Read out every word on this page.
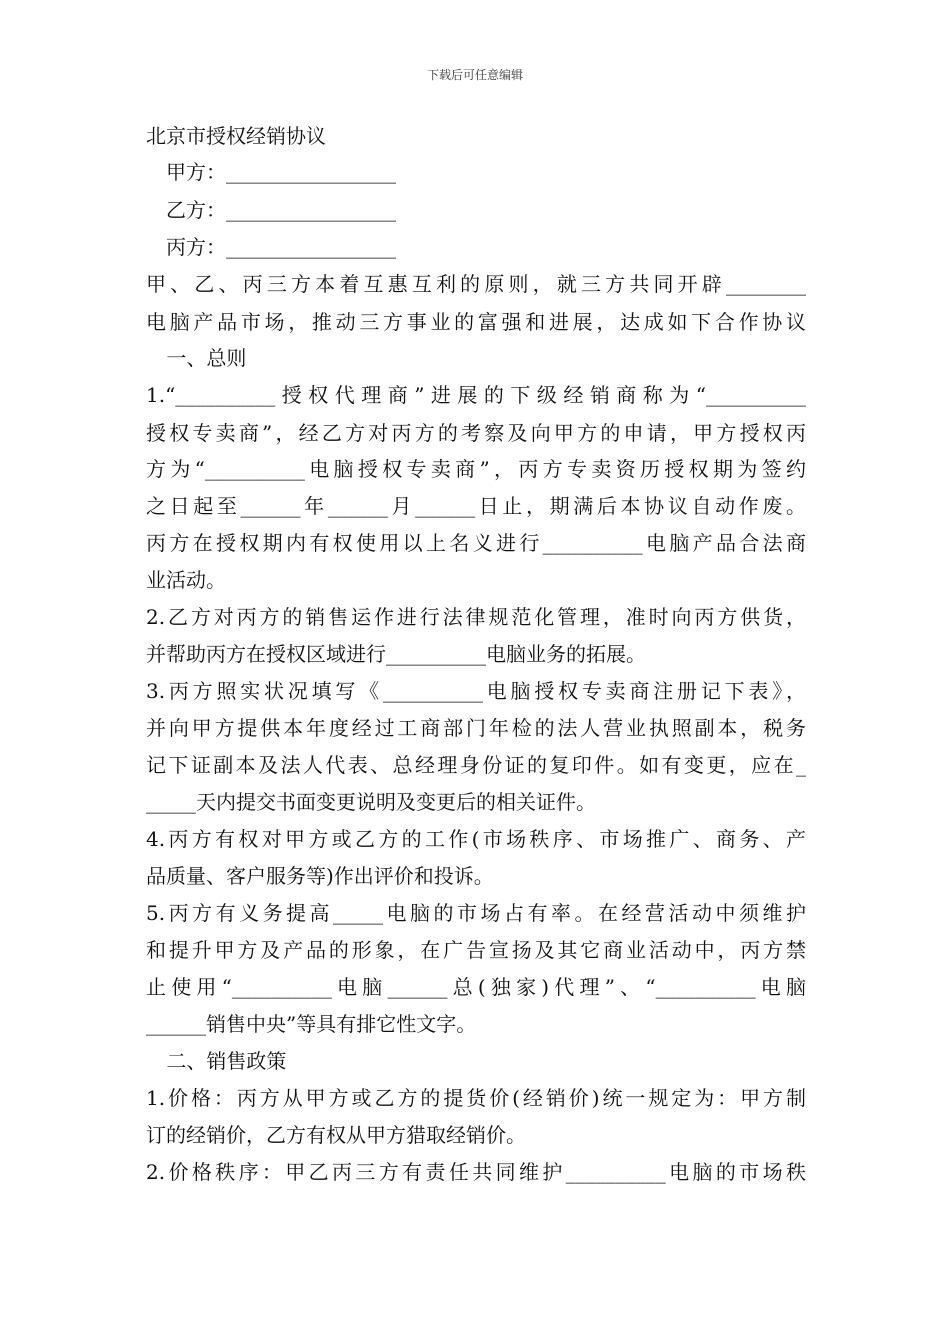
下载后可任意编辑
北京市授权经销协议
甲方：_________________
乙方：_________________
丙方：_________________
甲、乙、丙三方本着互惠互利的原则，就三方共同开辟________
电脑产品市场，推动三方事业的富强和进展，达成如下合作协议
一、总则
1.“__________授权代理商”进展的下级经销商称为“__________
授权专卖商”，经乙方对丙方的考察及向甲方的申请，甲方授权丙
方为“__________电脑授权专卖商”，丙方专卖资历授权期为签约
之日起至______年______月______日止，期满后本协议自动作废。
丙方在授权期内有权使用以上名义进行__________电脑产品合法商
业活动。
2.乙方对丙方的销售运作进行法律规范化管理，准时向丙方供货，
并帮助丙方在授权区域进行__________电脑业务的拓展。
3.丙方照实状况填写《__________电脑授权专卖商注册记下表》，
并向甲方提供本年度经过工商部门年检的法人营业执照副本，税务
记下证副本及法人代表、总经理身份证的复印件。如有变更，应在_
_____天内提交书面变更说明及变更后的相关证件。
4.丙方有权对甲方或乙方的工作(市场秩序、市场推广、商务、产
品质量、客户服务等)作出评价和投诉。
5.丙方有义务提高_____电脑的市场占有率。在经营活动中须维护
和提升甲方及产品的形象，在广告宣扬及其它商业活动中，丙方禁
止使用“__________电脑______总(独家)代理”、“__________电脑
______销售中央”等具有排它性文字。
二、销售政策
1.价格：丙方从甲方或乙方的提货价(经销价)统一规定为：甲方制
订的经销价，乙方有权从甲方猎取经销价。
2.价格秩序：甲乙丙三方有责任共同维护__________电脑的市场秩
